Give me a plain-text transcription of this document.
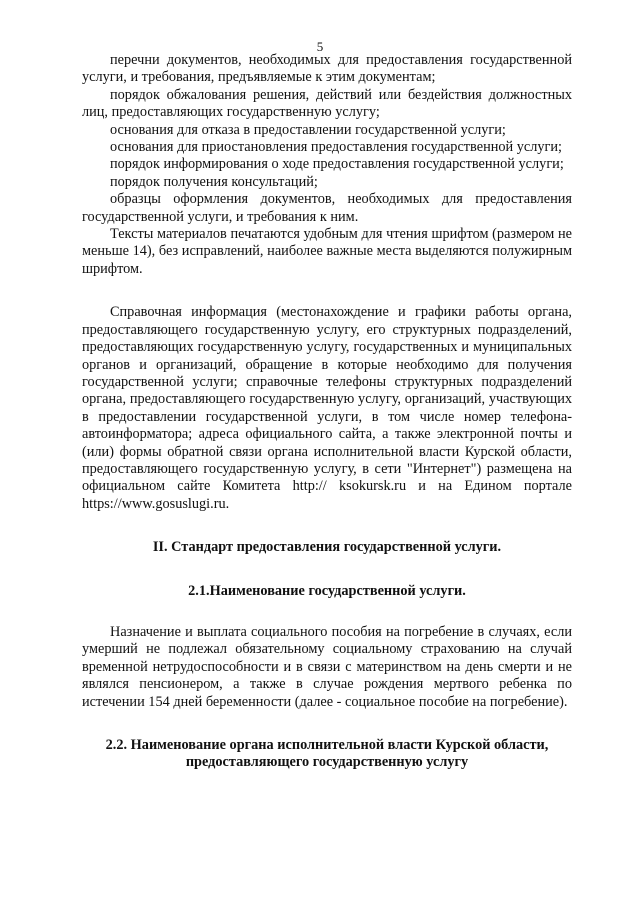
5

перечни документов, необходимых для предоставления государственной услуги, и требования, предъявляемые к этим документам;

порядок обжалования решения, действий или бездействия должностных лиц, предоставляющих государственную услугу;

основания для отказа в предоставлении государственной услуги;

основания для приостановления предоставления государственной услуги;

порядок информирования о ходе предоставления государственной услуги;

порядок получения консультаций;

образцы оформления документов, необходимых для предоставления государственной услуги, и требования к ним.

Тексты материалов печатаются удобным для чтения шрифтом (размером не меньше 14), без исправлений, наиболее важные места выделяются полужирным шрифтом.

Справочная информация (местонахождение и графики работы органа, предоставляющего государственную услугу, его структурных подразделений, предоставляющих государственную услугу, государственных и муниципальных органов и организаций, обращение в которые необходимо для получения государственной услуги; справочные телефоны структурных подразделений органа, предоставляющего государственную услугу, организаций, участвующих в предоставлении государственной услуги, в том числе номер телефона-автоинформатора; адреса официального сайта, а также электронной почты и (или) формы обратной связи органа исполнительной власти Курской области, предоставляющего государственную услугу, в сети "Интернет") размещена на официальном сайте Комитета http:// ksokursk.ru и на Едином портале https://www.gosuslugi.ru.

II. Стандарт предоставления государственной услуги.

2.1.Наименование государственной услуги.

Назначение и выплата социального пособия на погребение в случаях, если умерший не подлежал обязательному социальному страхованию на случай временной нетрудоспособности и в связи с материнством на день смерти и не являлся пенсионером, а также в случае рождения мертвого ребенка по истечении 154 дней беременности (далее - социальное пособие на погребение).

2.2. Наименование органа исполнительной власти Курской области, предоставляющего государственную услугу
